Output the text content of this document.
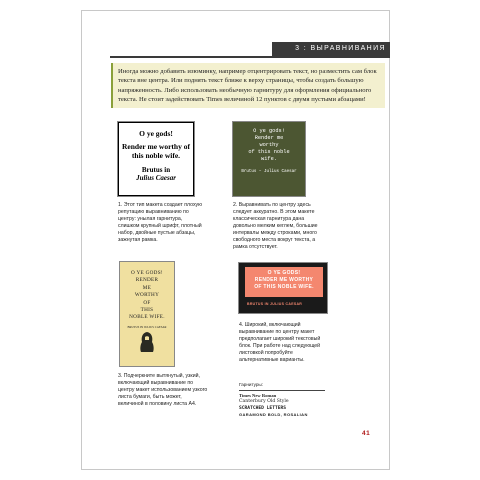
3 : ВЫРАВНИВАНИЯ
Иногда можно добавить изюминку, например отцентрировать текст, но разместить сам блок текста вне центра. Или поднять текст ближе к верху страницы, чтобы создать большую напряженность. Либо использовать необычную гарнитуру для оформления официального текста. Не стоит задействовать Times величиной 12 пунктов с двумя пустыми абзацами!
O ye gods!
Render me worthy of this noble wife.
Brutus in
Julius Caesar
O ye gods!
Render me
worthy
of this noble
wife.
Brutus – Julius Caesar
O YE GODS!
RENDER
ME
WORTHY
OF
THIS
NOBLE WIFE.
BRUTUS IN JULIUS CAESAR
O YE GODS!
RENDER ME WORTHY
OF THIS NOBLE WIFE.
BRUTUS IN JULIUS CAESAR
1. Этот тип макета создает плохую репутацию выравниванию по центру: унылая гарнитура, слишком крупный шрифт, плотный набор, двойные пустые абзацы, зажнутая рамка.
2. Выравнивать по центру здесь следует аккуратно. В этом макете классическая гарнитура дана довольно мелким кеглем, большие интервалы между строками, много свободного места вокруг текста, а рамка отсутствует.
3. Подчеркните вытянутый, узкий, включающий выравнивание по центру макет использованием узкого листа бумаги, быть может, величиной в половину листа А4.
4. Широкий, включающий выравнивание по центру макет предполагает широкий текстовый блок. При работе над следующей листовкой попробуйте альтернативные варианты.
Гарнитуры:
Times New Roman
Canterbury Old Style
SCRATCHED LETTERS
GARAMOND BOLD, ROSALIAN
41
